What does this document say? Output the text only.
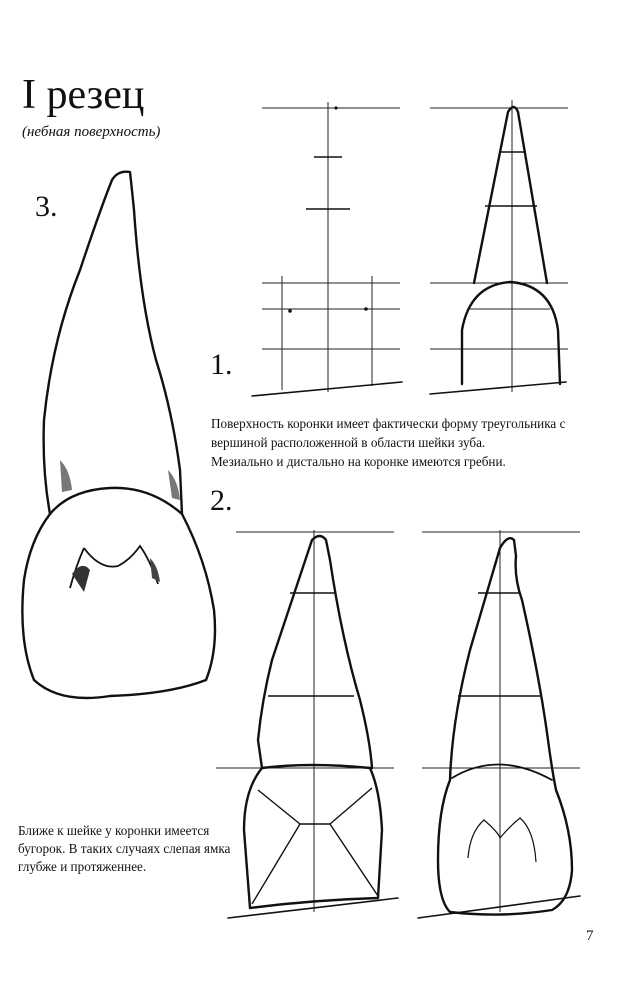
I резец
(небная поверхность)
3.
1.
2.

Поверхность коронки имеет фактически форму треугольника с вершиной расположенной в области шейки зуба.

Мезиально и дистально на коронке имеются гребни.

Ближе к шейке у коронки имеется бугорок. В таких случаях слепая ямка глубже и протяженнее.
7
